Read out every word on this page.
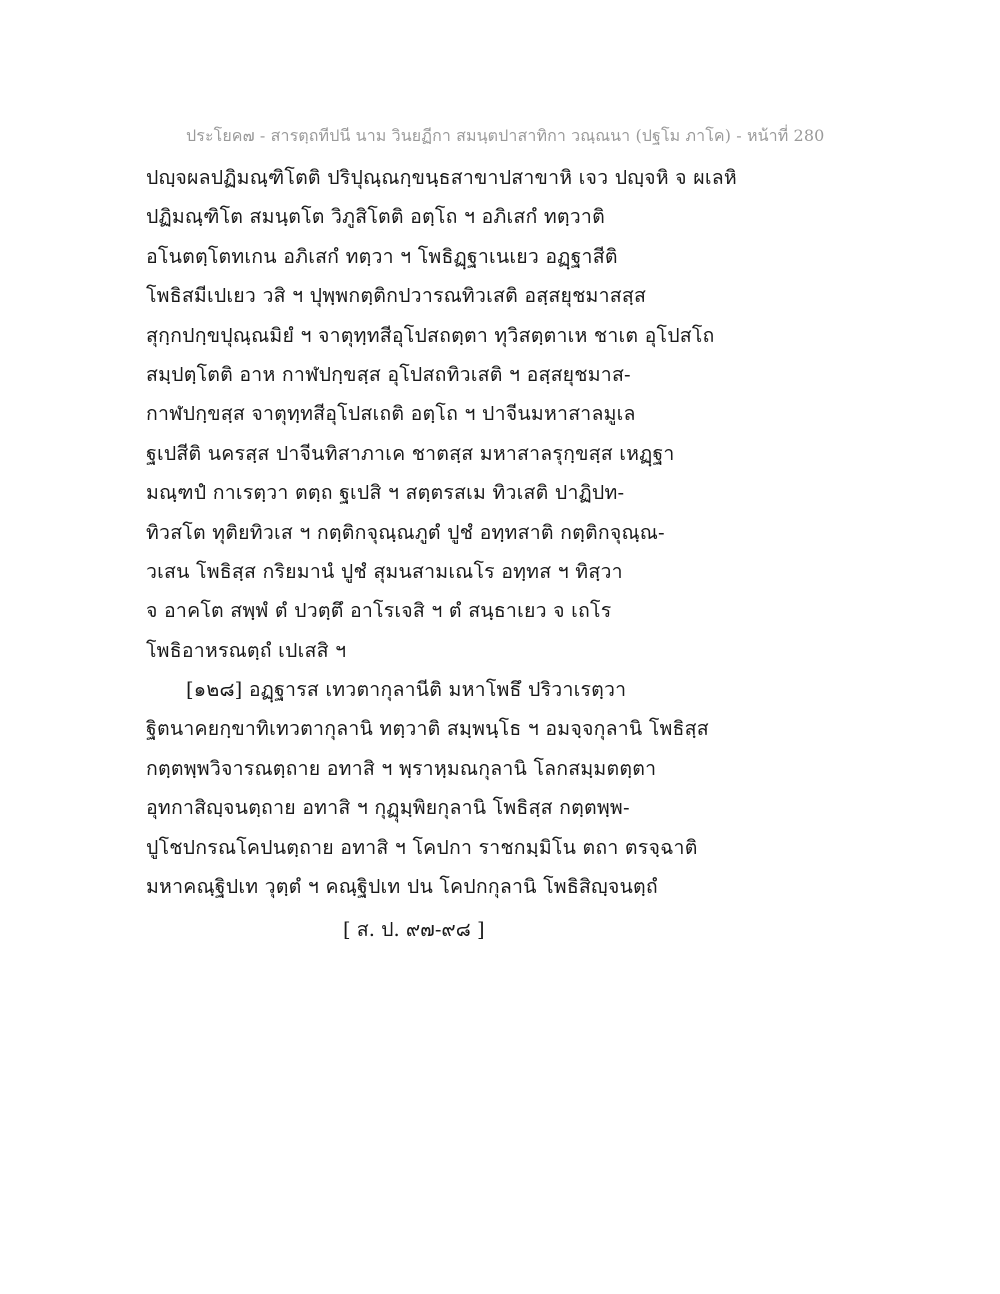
ประโยค๗ - สารตฺถทีปนี นาม วินยฏีกา สมนฺตปาสาทิกา วณฺณนา (ปฐโม ภาโค) - หน้าที่ 280
ปญฺจผลปฏิมณฺฑิโตติ ปริปุณฺณกฺขนฺธสาขาปสาขาหิ เจว ปญฺจหิ จ ผเลหิ
ปฏิมณฺฑิโต สมนฺตโต วิภูสิโตติ อตฺโถ ฯ อภิเสกํ ทตฺวาติ
อโนตตฺโตทเกน อภิเสกํ ทตฺวา ฯ โพธิฏฺฐาเนเยว อฏฺฐาสีติ
โพธิสมีเปเยว วสิ ฯ ปุพฺพกตฺติกปวารณทิวเสติ อสฺสยุชมาสสฺส
สุกฺกปกฺขปุณฺณมิยํ ฯ จาตุทฺทสีอุโปสถตฺตา ทุวิสตฺตาเห ชาเต อุโปสโถ
สมฺปตฺโตติ อาห กาฬปกฺขสฺส อุโปสถทิวเสติ ฯ อสฺสยุชมาส-
กาฬปกฺขสฺส จาตุทฺทสีอุโปสเถติ อตฺโถ ฯ ปาจีนมหาสาลมูเล
ฐเปสีติ นครสฺส ปาจีนทิสาภาเค ชาตสฺส มหาสาลรุกฺขสฺส เหฏฺฐา
มณฺฑปํ กาเรตฺวา ตตฺถ ฐเปสิ ฯ สตฺตรสเม ทิวเสติ ปาฏิปท-
ทิวสโต ทุติยทิวเส ฯ กตฺติกจุณฺณภูตํ ปูชํ อทฺทสาติ กตฺติกจุณฺณ-
วเสน โพธิสฺส กริยมานํ ปูชํ สุมนสามเณโร อทฺทส ฯ ทิสฺวา
จ อาคโต สพฺพํ ตํ ปวตฺตึ อาโรเจสิ ฯ ตํ สนฺธาเยว จ เถโร
โพธิอาหรณตฺถํ เปเสสิ ฯ
[๑๒๘] อฏฺฐารส เทวตากุลานีติ มหาโพธึ ปริวาเรตฺวา
ฐิตนาคยกฺขาทิเทวตากุลานิ ทตฺวาติ สมฺพนฺโธ ฯ อมจฺจกุลานิ โพธิสฺส
กตฺตพฺพวิจารณตฺถาย อทาสิ ฯ พฺราหฺมณกุลานิ โลกสมฺมตตฺตา
อุทกาสิญฺจนตฺถาย อทาสิ ฯ กุฏุมฺพิยกุลานิ โพธิสฺส กตฺตพฺพ-
ปูโชปกรณโคปนตฺถาย อทาสิ ฯ โคปกา ราชกมฺมิโน ตถา ตรจฺฉาติ
มหาคณฺฐิปเท วุตฺตํ ฯ คณฺฐิปเท ปน โคปกกุลานิ โพธิสิญฺจนตฺถํ
[ ส. ป. ๙๗-๙๘ ]
